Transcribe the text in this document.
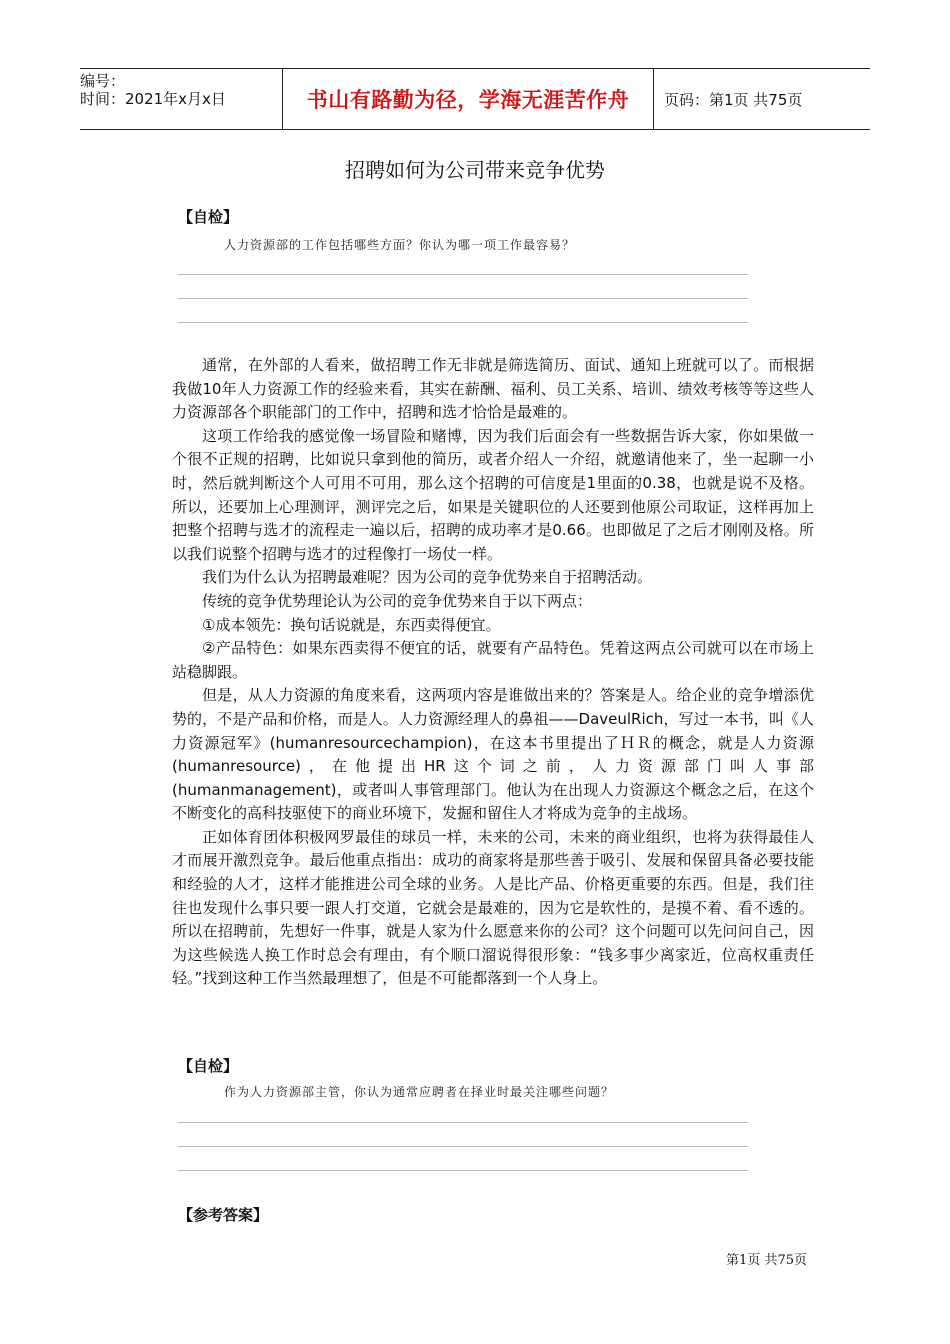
编号：
时间：2021年x月x日	书山有路勤为径，学海无涯苦作舟	页码：第1页 共75页
招聘如何为公司带来竞争优势
【自检】
人力资源部的工作包括哪些方面？你认为哪一项工作最容易？

通常，在外部的人看来，做招聘工作无非就是筛选简历、面试、通知上班就可以了。而根据我做10年人力资源工作的经验来看，其实在薪酬、福利、员工关系、培训、绩效考核等等这些人力资源部各个职能部门的工作中，招聘和选才恰恰是最难的。

这项工作给我的感觉像一场冒险和赌博，因为我们后面会有一些数据告诉大家，你如果做一个很不正规的招聘，比如说只拿到他的简历，或者介绍人一介绍，就邀请他来了，坐一起聊一小时，然后就判断这个人可用不可用，那么这个招聘的可信度是1里面的0.38，也就是说不及格。所以，还要加上心理测评，测评完之后，如果是关键职位的人还要到他原公司取证，这样再加上把整个招聘与选才的流程走一遍以后，招聘的成功率才是0.66。也即做足了之后才刚刚及格。所以我们说整个招聘与选才的过程像打一场仗一样。

我们为什么认为招聘最难呢？因为公司的竞争优势来自于招聘活动。

传统的竞争优势理论认为公司的竞争优势来自于以下两点：

①成本领先：换句话说就是，东西卖得便宜。

②产品特色：如果东西卖得不便宜的话，就要有产品特色。凭着这两点公司就可以在市场上站稳脚跟。

但是，从人力资源的角度来看，这两项内容是谁做出来的？答案是人。给企业的竞争增添优势的，不是产品和价格，而是人。人力资源经理人的鼻祖——DaveulRich，写过一本书，叫《人力资源冠军》(humanresourcechampion)，在这本书里提出了ＨＲ的概念，就是人力资源(humanresource)，在他提出HR这个词之前，人力资源部门叫人事部(humanmanagement)，或者叫人事管理部门。他认为在出现人力资源这个概念之后，在这个不断变化的高科技驱使下的商业环境下，发掘和留住人才将成为竞争的主战场。

正如体育团体积极网罗最佳的球员一样，未来的公司，未来的商业组织，也将为获得最佳人才而展开激烈竞争。最后他重点指出：成功的商家将是那些善于吸引、发展和保留具备必要技能和经验的人才，这样才能推进公司全球的业务。人是比产品、价格更重要的东西。但是，我们往往也发现什么事只要一跟人打交道，它就会是最难的，因为它是软性的，是摸不着、看不透的。所以在招聘前，先想好一件事，就是人家为什么愿意来你的公司？这个问题可以先问问自己，因为这些候选人换工作时总会有理由，有个顺口溜说得很形象：“钱多事少离家近，位高权重责任轻。”找到这种工作当然最理想了，但是不可能都落到一个人身上。

【自检】
作为人力资源部主管，你认为通常应聘者在择业时最关注哪些问题？
【参考答案】
第1页 共75页
